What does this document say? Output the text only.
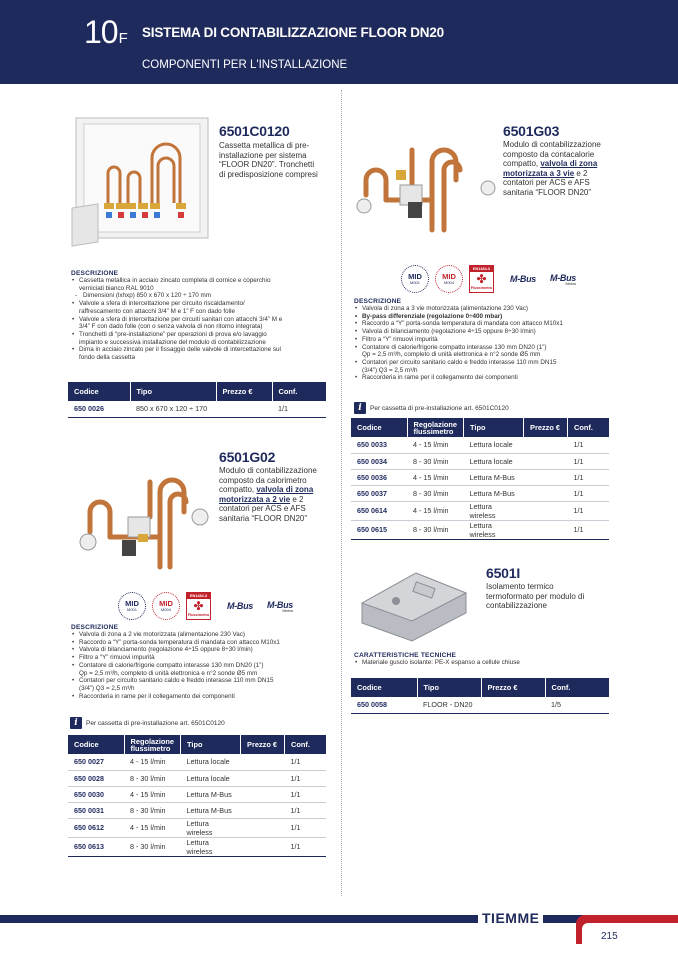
10F SISTEMA DI CONTABILIZZAZIONE FLOOR DN20
COMPONENTI PER L'INSTALLAZIONE
6501C0120
Cassetta metallica di pre-
installazione per sistema
“FLOOR DN20”. Tronchetti
di predisposizione compresi
DESCRIZIONE
• Cassetta metallica in acciaio zincato completa di cornice e coperchio
verniciati bianco RAL 9010
- Dimensioni (lxhxp) 850 x 670 x 120 ÷ 170 mm
• Valvole a sfera di intercettazione per circuito riscaldamento/
raffrescamento con attacchi 3/4” M e 1” F con dado folle
• Valvole a sfera di intercettazione per circuiti sanitari con attacchi 3/4” M e
3/4” F con dado folle (con o senza valvola di non ritorno integrata)
• Tronchetti di “pre-installazione” per operazioni di prova e/o lavaggio
impianto e successiva installazione del modulo di contabilizzazione
• Dima in acciaio zincato per il fissaggio delle valvole di intercettazione sul
fondo della cassetta
Codice	Tipo	Prezzo €	Conf.
650 0026	850 x 670 x 120 ÷ 170		1/1
6501G02
Modulo di contabilizzazione
composto da calorimetro
compatto, valvola di zona
motorizzata a 2 vie e 2
contatori per ACS e AFS
sanitaria “FLOOR DN20”
MID
M001
MID
M004
EN1434-3
✤
Flussimetro
M-Bus M-Bus
Wireless
DESCRIZIONE
• Valvola di zona a 2 vie motorizzata (alimentazione 230 Vac)
• Raccordo a “Y” porta-sonda temperatura di mandata con attacco M10x1
• Valvola di bilanciamento (regolazione 4÷15 oppure 8÷30 l/min)
• Filtro a “Y” rimuovi impurità
• Contatore di calorie/frigorie compatto interasse 130 mm DN20 (1”)
Qp = 2,5 m³/h, completo di unità elettronica e n°2 sonde Ø5 mm
• Contatori per circuito sanitario caldo e freddo interasse 110 mm DN15
(3/4”) Q3 = 2,5 m³/h
• Raccorderia in rame per il collegamento dei componenti
i	Per cassetta di pre-installazione art. 6501C0120
Codice	Regolazione flussimetro	Tipo	Prezzo €	Conf.
650 0027	4 - 15 l/min	Lettura locale		1/1
650 0028	8 - 30 l/min	Lettura locale		1/1
650 0030	4 - 15 l/min	Lettura M-Bus		1/1
650 0031	8 - 30 l/min	Lettura M-Bus		1/1
650 0612	4 - 15 l/min	Lettura wireless		1/1
650 0613	8 - 30 l/min	Lettura wireless		1/1
6501G03
Modulo di contabilizzazione
composto da contacalorie
compatto, valvola di zona
motorizzata a 3 vie e 2
contatori per ACS e AFS
sanitaria “FLOOR DN20”
MID
M001
MID
M004
EN1434-3
✤
Flussimetro
M-Bus M-Bus
Wireless
DESCRIZIONE
• Valvola di zona a 3 vie motorizzata (alimentazione 230 Vac)
• By-pass differenziale (regolazione 0÷400 mbar)
• Raccordo a “Y” porta-sonda temperatura di mandata con attacco M10x1
• Valvola di bilanciamento (regolazione 4÷15 oppure 8÷30 l/min)
• Filtro a “Y” rimuovi impurità
• Contatore di calorie/frigorie compatto interasse 130 mm DN20 (1”)
Qp = 2,5 m³/h, completo di unità elettronica e n°2 sonde Ø5 mm
• Contatori per circuito sanitario caldo e freddo interasse 110 mm DN15
(3/4”) Q3 = 2,5 m³/h
• Raccorderia in rame per il collegamento dei componenti
i	Per cassetta di pre-installazione art. 6501C0120
Codice	Regolazione flussimetro	Tipo	Prezzo €	Conf.
650 0033	4 - 15 l/min	Lettura locale		1/1
650 0034	8 - 30 l/min	Lettura locale		1/1
650 0036	4 - 15 l/min	Lettura M-Bus		1/1
650 0037	8 - 30 l/min	Lettura M-Bus		1/1
650 0614	4 - 15 l/min	Lettura wireless		1/1
650 0615	8 - 30 l/min	Lettura wireless		1/1
6501I
Isolamento termico
termoformato per modulo di
contabilizzazione
CARATTERISTICHE TECNICHE
• Materiale guscio isolante: PE-X espanso a cellule chiuse
Codice	Tipo	Prezzo €	Conf.
650 0058	FLOOR - DN20		1/5
TIEMME
215
